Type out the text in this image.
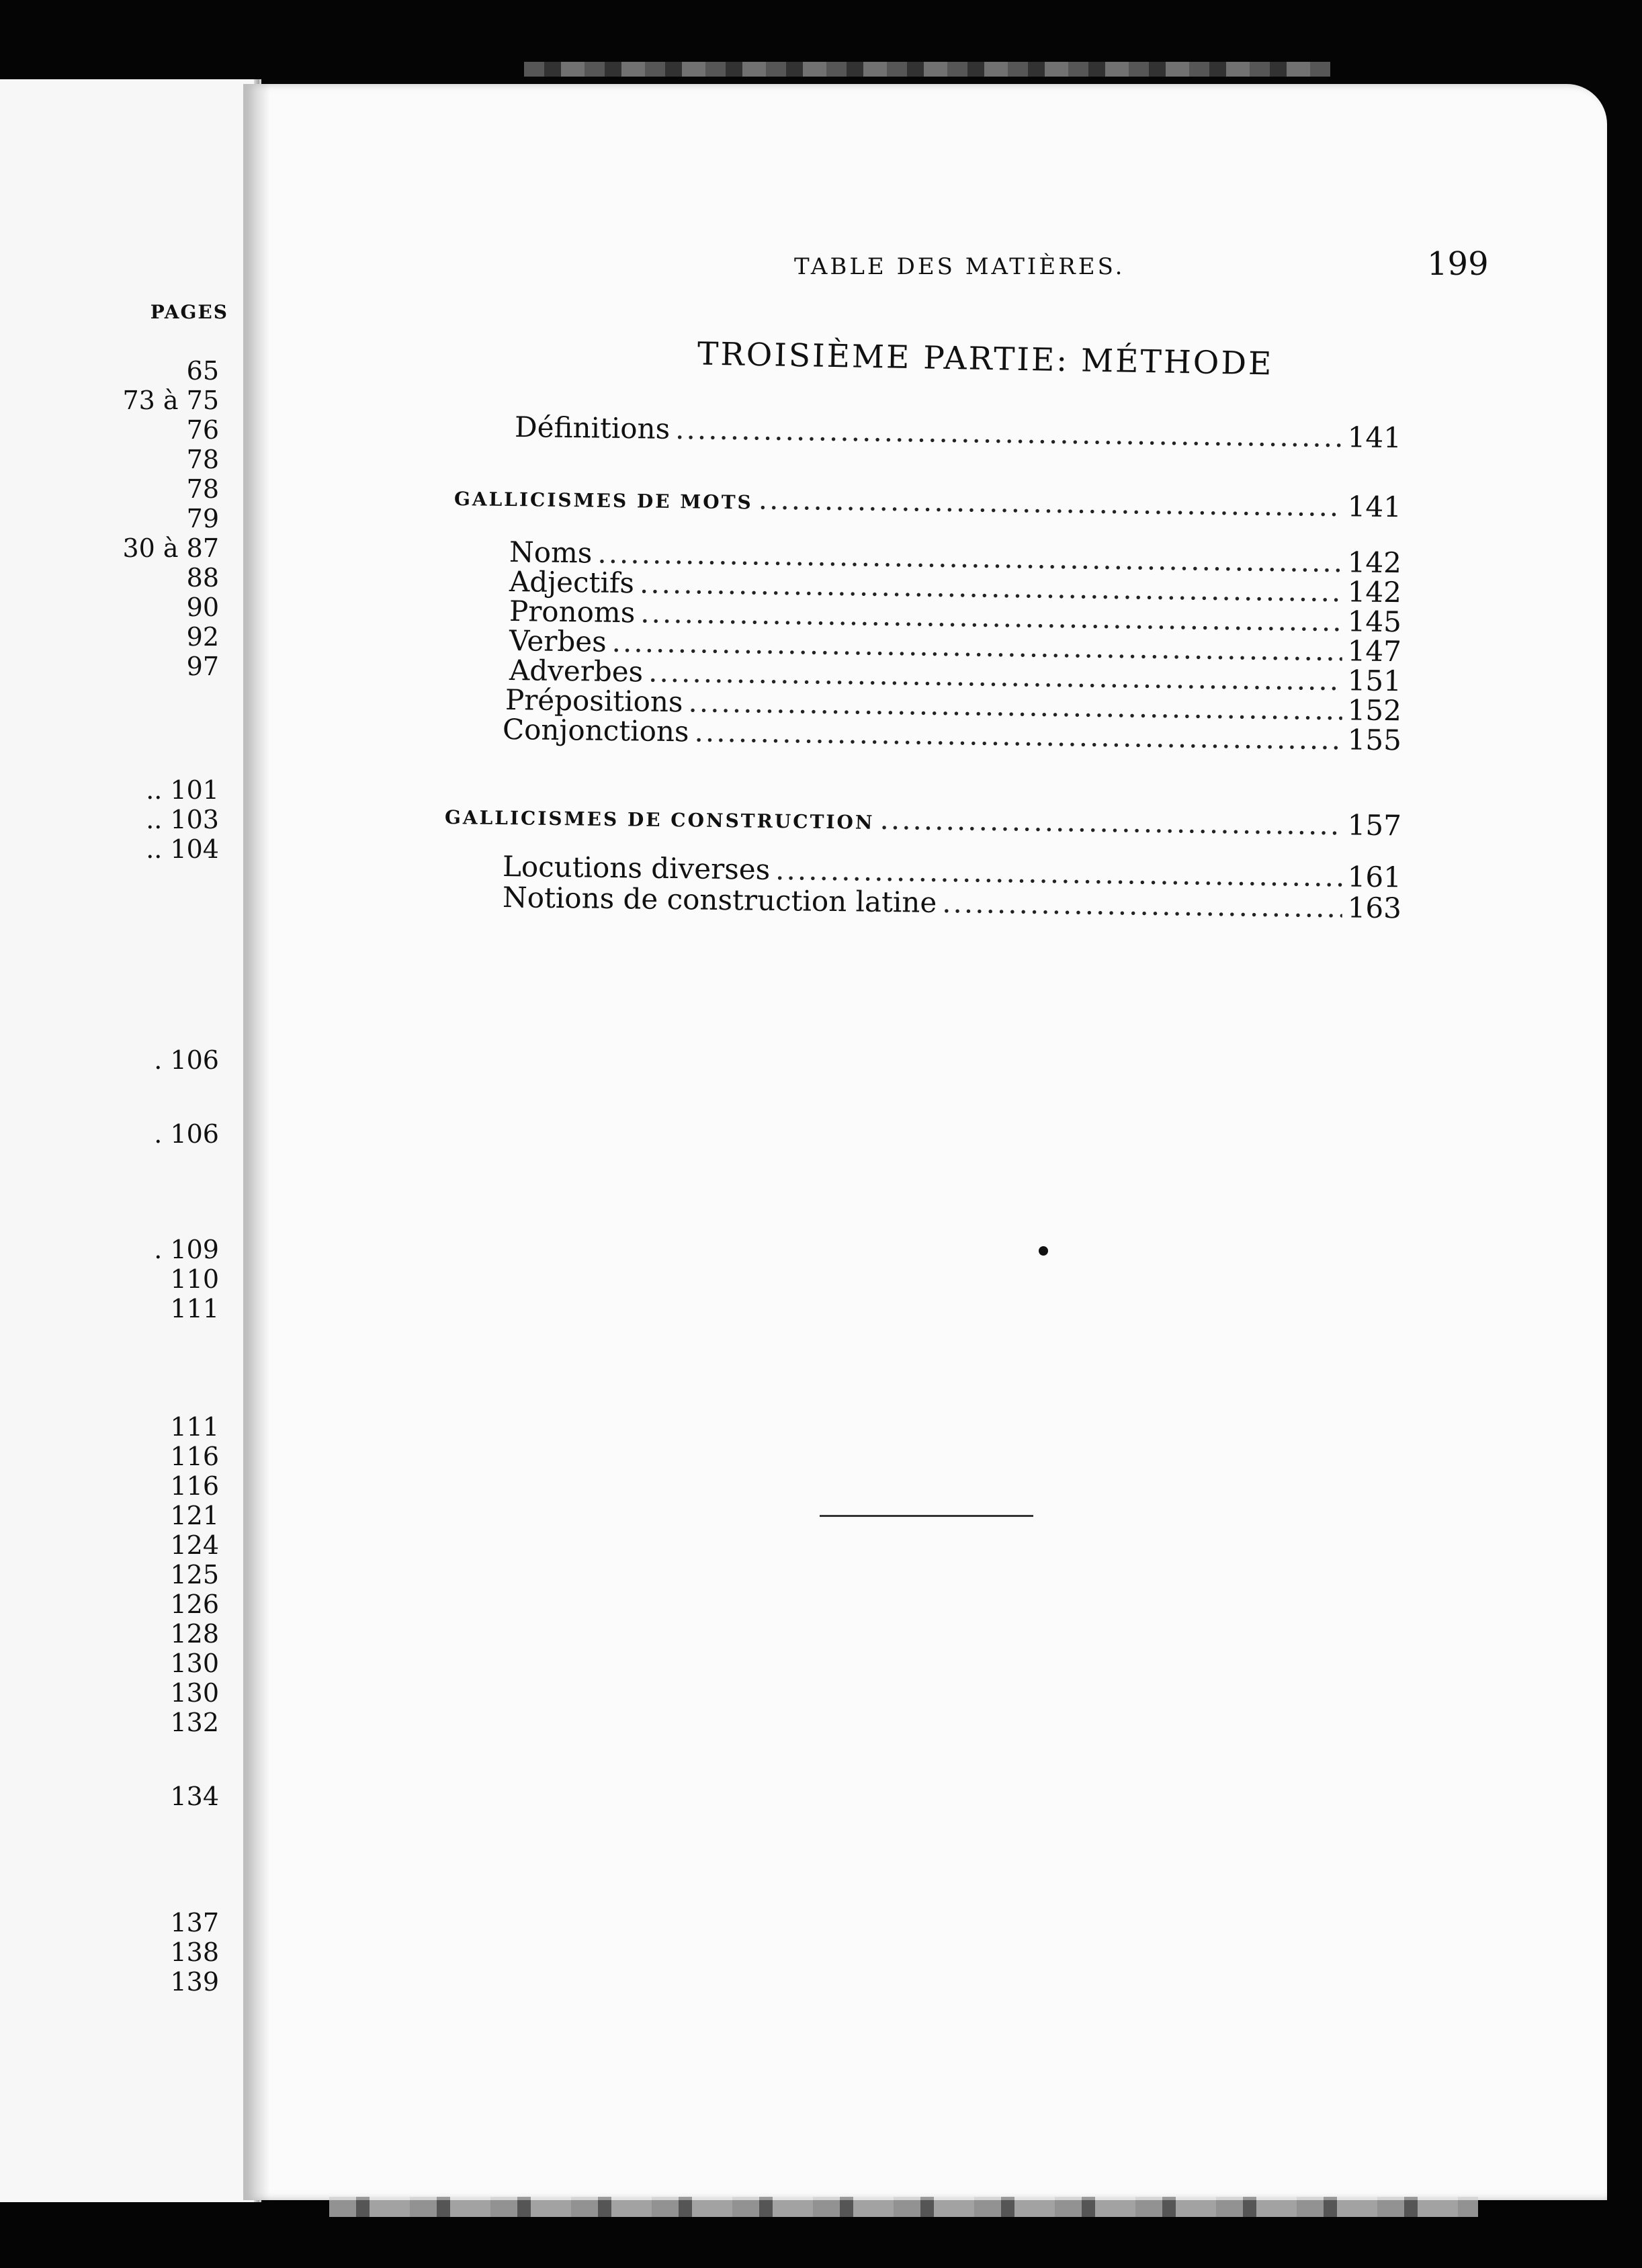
PAGES
65
73 à 75
76
78
78
79
30 à 87
88
90
92
97
.. 101
.. 103
.. 104
. 106
. 106
. 109
110
111
111
116
116
121
124
125
126
128
130
130
132
134
137
138
139
TABLE DES MATIÈRES.	199
TROISIÈME PARTIE: MÉTHODE
Définitions .....	141
GALLICISMES DE MOTS .....	141
Noms .....	142
Adjectifs .....	142
Pronoms .....	145
Verbes .....	147
Adverbes .....	151
Prépositions .....	152
Conjonctions .....	155
GALLICISMES DE CONSTRUCTION .....	157
Locutions diverses .....	161
Notions de construction latine .....	163
